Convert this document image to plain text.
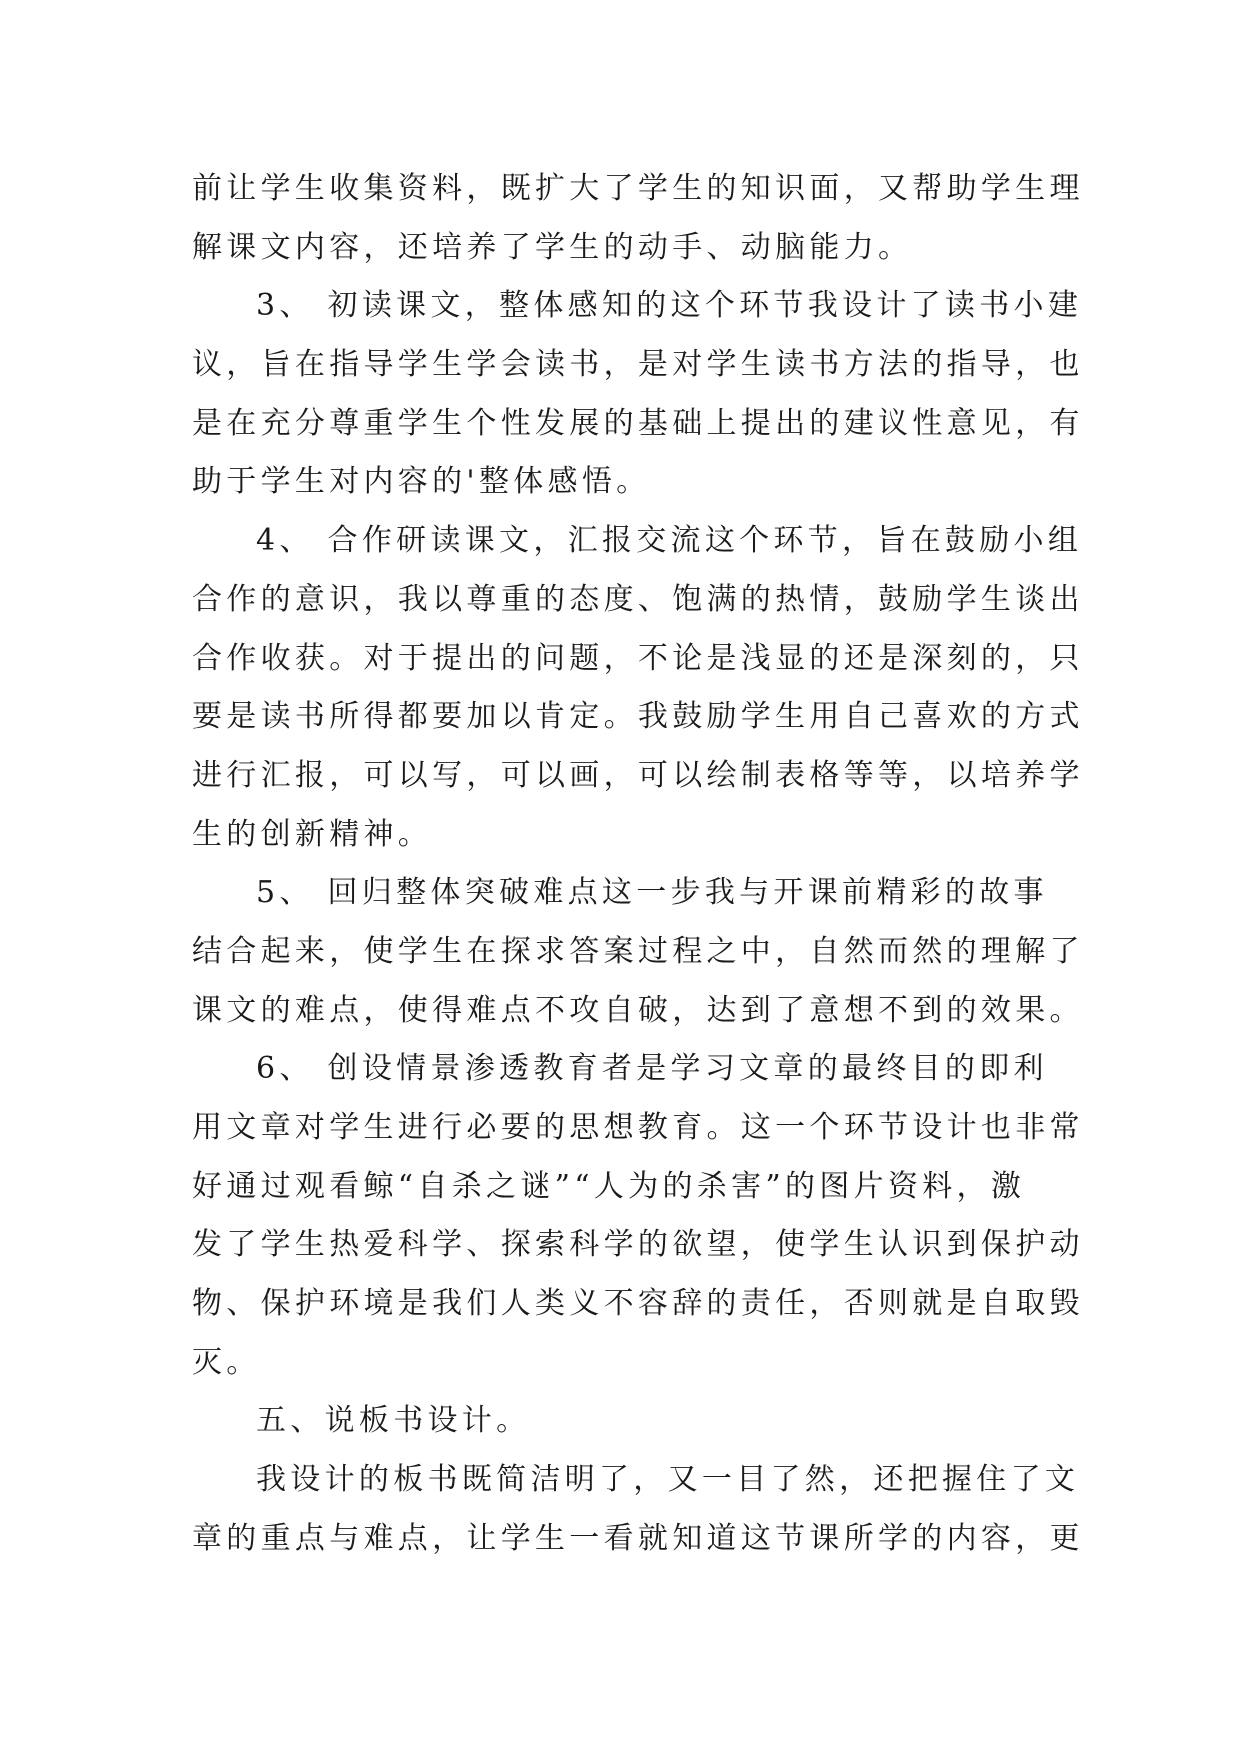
前让学生收集资料，既扩大了学生的知识面，又帮助学生理
解课文内容，还培养了学生的动手、动脑能力。
3、 初读课文，整体感知的这个环节我设计了读书小建
议，旨在指导学生学会读书，是对学生读书方法的指导，也
是在充分尊重学生个性发展的基础上提出的建议性意见，有
助于学生对内容的'整体感悟。
4、 合作研读课文，汇报交流这个环节，旨在鼓励小组
合作的意识，我以尊重的态度、饱满的热情，鼓励学生谈出
合作收获。对于提出的问题，不论是浅显的还是深刻的，只
要是读书所得都要加以肯定。我鼓励学生用自己喜欢的方式
进行汇报，可以写，可以画，可以绘制表格等等，以培养学
生的创新精神。
5、 回归整体突破难点这一步我与开课前精彩的故事
结合起来，使学生在探求答案过程之中，自然而然的理解了
课文的难点，使得难点不攻自破，达到了意想不到的效果。
6、 创设情景渗透教育者是学习文章的最终目的即利
用文章对学生进行必要的思想教育。这一个环节设计也非常
好通过观看鲸“自杀之谜”“人为的杀害”的图片资料，激
发了学生热爱科学、探索科学的欲望，使学生认识到保护动
物、保护环境是我们人类义不容辞的责任，否则就是自取毁
灭。
五、说板书设计。
我设计的板书既简洁明了，又一目了然，还把握住了文
章的重点与难点，让学生一看就知道这节课所学的内容，更
